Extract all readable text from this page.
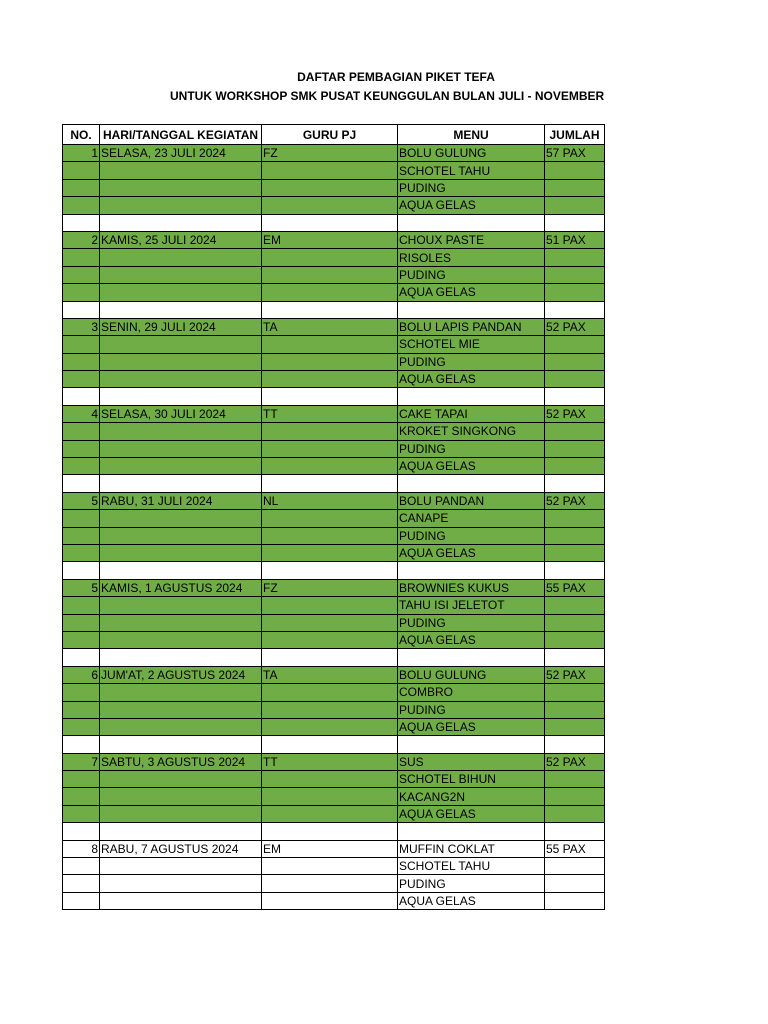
DAFTAR PEMBAGIAN PIKET TEFA
UNTUK WORKSHOP SMK PUSAT KEUNGGULAN BULAN JULI - NOVEMBER
NO.	HARI/TANGGAL KEGIATAN	GURU PJ	MENU	JUMLAH
1	SELASA, 23 JULI 2024	FZ	BOLU GULUNG	57 PAX
			SCHOTEL TAHU	
			PUDING	
			AQUA GELAS	

2	KAMIS, 25 JULI 2024	EM	CHOUX PASTE	51 PAX
			RISOLES	
			PUDING	
			AQUA GELAS	

3	SENIN, 29 JULI 2024	TA	BOLU LAPIS PANDAN	52 PAX
			SCHOTEL MIE	
			PUDING	
			AQUA GELAS	

4	SELASA, 30 JULI 2024	TT	CAKE TAPAI	52 PAX
			KROKET SINGKONG	
			PUDING	
			AQUA GELAS	

5	RABU, 31 JULI 2024	NL	BOLU PANDAN	52 PAX
			CANAPE	
			PUDING	
			AQUA GELAS	

5	KAMIS, 1 AGUSTUS 2024	FZ	BROWNIES KUKUS	55 PAX
			TAHU ISI JELETOT	
			PUDING	
			AQUA GELAS	

6	JUM'AT, 2 AGUSTUS 2024	TA	BOLU GULUNG	52 PAX
			COMBRO	
			PUDING	
			AQUA GELAS	

7	SABTU, 3 AGUSTUS 2024	TT	SUS	52 PAX
			SCHOTEL BIHUN	
			KACANG2N	
			AQUA GELAS	

8	RABU, 7 AGUSTUS 2024	EM	MUFFIN COKLAT	55 PAX
			SCHOTEL TAHU	
			PUDING	
			AQUA GELAS	
